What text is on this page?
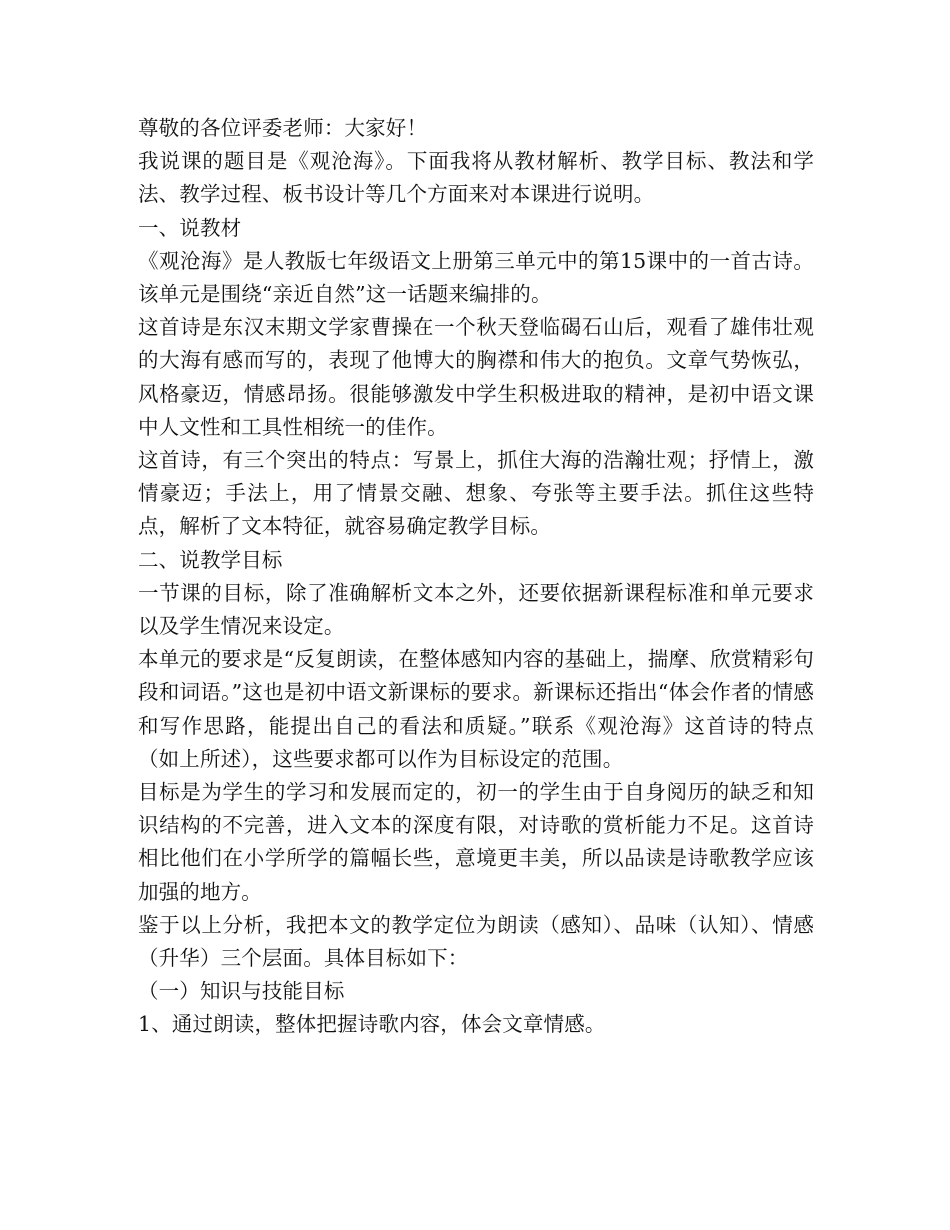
尊敬的各位评委老师：大家好！

我说课的题目是《观沧海》。下面我将从教材解析、教学目标、教法和学法、教学过程、板书设计等几个方面来对本课进行说明。

一、说教材

《观沧海》是人教版七年级语文上册第三单元中的第15课中的一首古诗。该单元是围绕“亲近自然”这一话题来编排的。

这首诗是东汉末期文学家曹操在一个秋天登临碣石山后，观看了雄伟壮观的大海有感而写的，表现了他博大的胸襟和伟大的抱负。文章气势恢弘，风格豪迈，情感昂扬。很能够激发中学生积极进取的精神，是初中语文课中人文性和工具性相统一的佳作。

这首诗，有三个突出的特点：写景上，抓住大海的浩瀚壮观；抒情上，激情豪迈；手法上，用了情景交融、想象、夸张等主要手法。抓住这些特点，解析了文本特征，就容易确定教学目标。

二、说教学目标

一节课的目标，除了准确解析文本之外，还要依据新课程标准和单元要求以及学生情况来设定。

本单元的要求是“反复朗读，在整体感知内容的基础上，揣摩、欣赏精彩句段和词语。”这也是初中语文新课标的要求。新课标还指出“体会作者的情感和写作思路，能提出自己的看法和质疑。”联系《观沧海》这首诗的特点（如上所述），这些要求都可以作为目标设定的范围。

目标是为学生的学习和发展而定的，初一的学生由于自身阅历的缺乏和知识结构的不完善，进入文本的深度有限，对诗歌的赏析能力不足。这首诗相比他们在小学所学的篇幅长些，意境更丰美，所以品读是诗歌教学应该加强的地方。

鉴于以上分析，我把本文的教学定位为朗读（感知）、品味（认知）、情感（升华）三个层面。具体目标如下：

（一）知识与技能目标

1、通过朗读，整体把握诗歌内容，体会文章情感。
